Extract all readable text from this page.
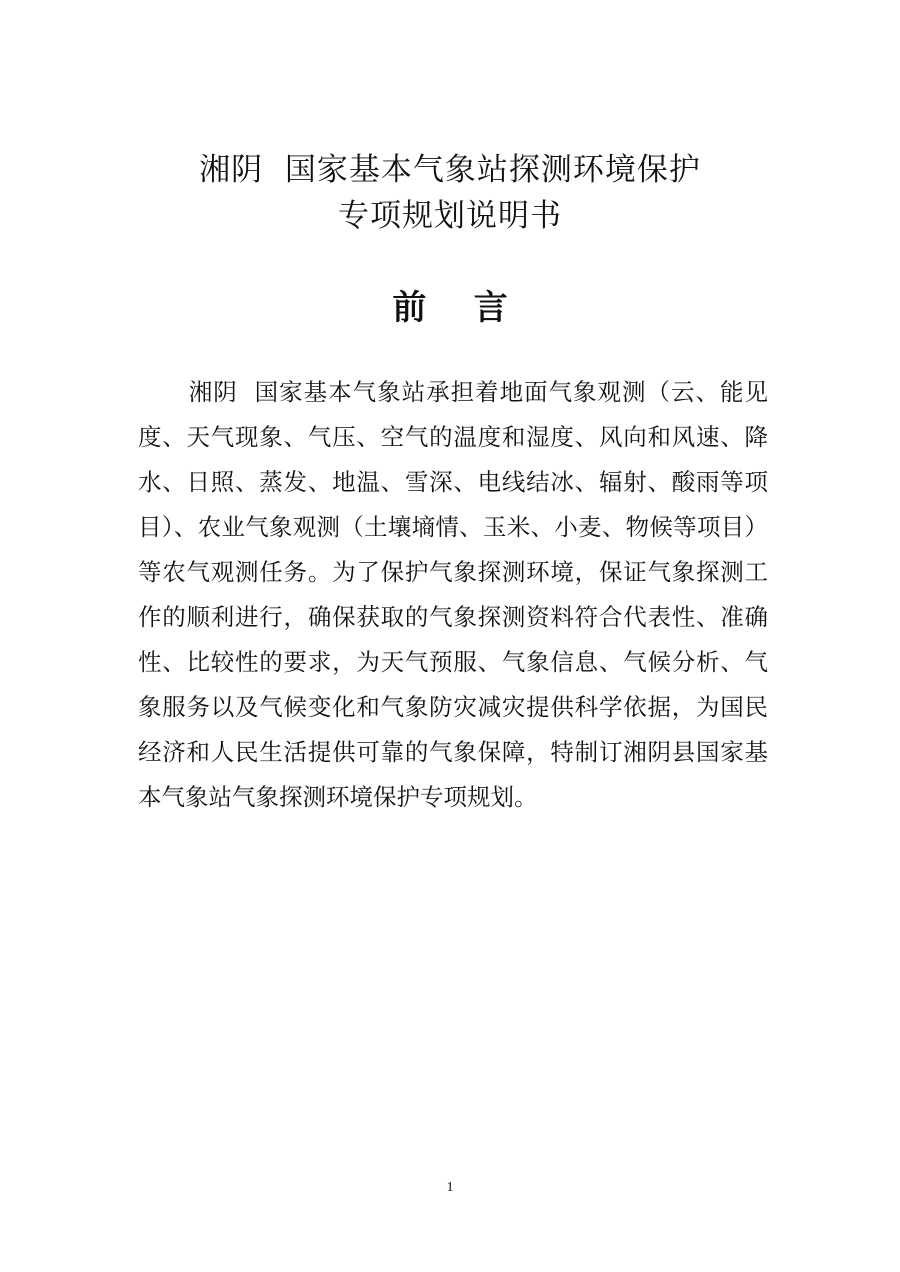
湘阴  国家基本气象站探测环境保护
专项规划说明书
前    言
湘阴  国家基本气象站承担着地面气象观测（云、能见
度、天气现象、气压、空气的温度和湿度、风向和风速、降
水、日照、蒸发、地温、雪深、电线结冰、辐射、酸雨等项
目）、农业气象观测（土壤墒情、玉米、小麦、物候等项目）
等农气观测任务。为了保护气象探测环境，保证气象探测工
作的顺利进行，确保获取的气象探测资料符合代表性、准确
性、比较性的要求，为天气预服、气象信息、气候分析、气
象服务以及气候变化和气象防灾减灾提供科学依据，为国民
经济和人民生活提供可靠的气象保障，特制订湘阴县国家基
本气象站气象探测环境保护专项规划。
1
